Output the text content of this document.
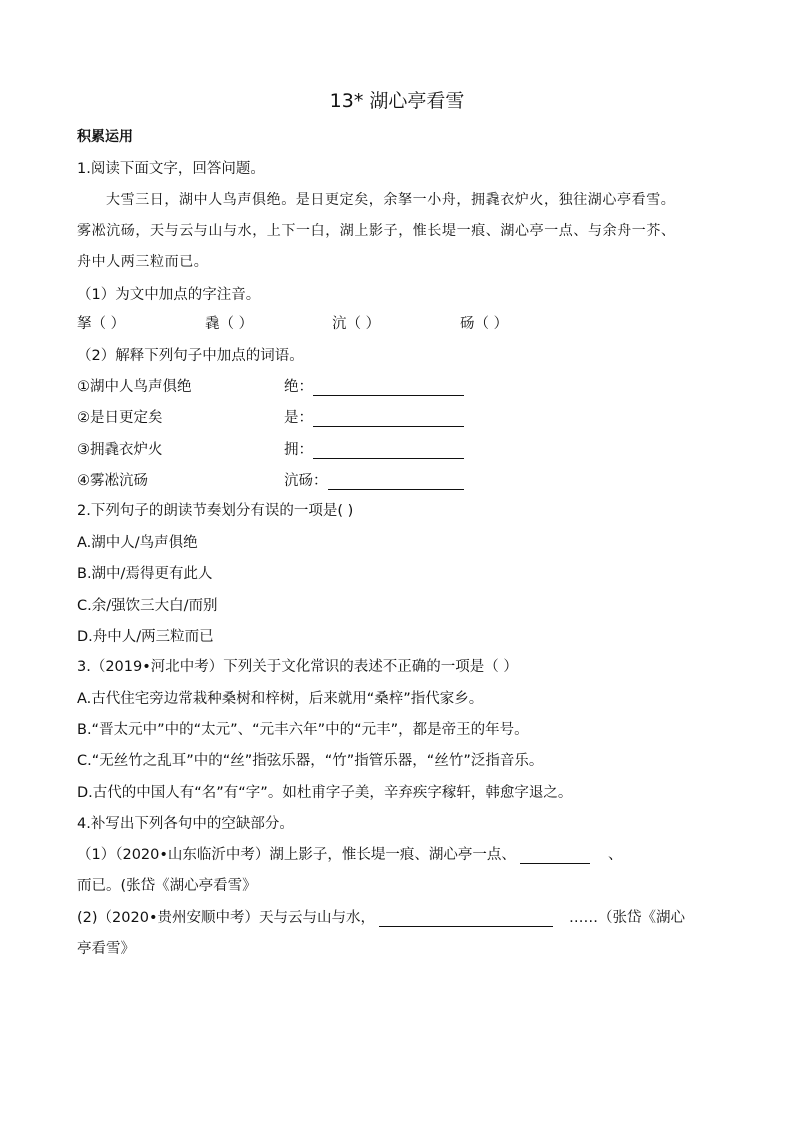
13* 湖心亭看雪
积累运用
1.阅读下面文字，回答问题。
大雪三日，湖中人鸟声俱绝。是日更定矣，余拏一小舟，拥毳衣炉火，独往湖心亭看雪。
雾凇沆砀，天与云与山与水，上下一白，湖上影子，惟长堤一痕、湖心亭一点、与余舟一芥、
舟中人两三粒而已。
（1）为文中加点的字注音。
拏（ ）	毳（ ）	沆（ ）	砀（ ）
（2）解释下列句子中加点的词语。
①湖中人鸟声俱绝	绝：
②是日更定矣	是：
③拥毳衣炉火	拥：
④雾凇沆砀	沆砀：
2.下列句子的朗读节奏划分有误的一项是( )
A.湖中人/鸟声俱绝
B.湖中/焉得更有此人
C.余/强饮三大白/而别
D.舟中人/两三粒而已
3.（2019•河北中考）下列关于文化常识的表述不正确的一项是（ ）
A.古代住宅旁边常栽种桑树和梓树，后来就用“桑梓”指代家乡。
B.“晋太元中”中的“太元”、“元丰六年”中的“元丰”，都是帝王的年号。
C.“无丝竹之乱耳”中的“丝”指弦乐器，“竹”指管乐器，“丝竹”泛指音乐。
D.古代的中国人有“名”有“字”。如杜甫字子美，辛弃疾字稼轩，韩愈字退之。
4.补写出下列各句中的空缺部分。
（1）（2020•山东临沂中考）湖上影子，惟长堤一痕、湖心亭一点、	、
而已。(张岱《湖心亭看雪》
(2)（2020•贵州安顺中考）天与云与山与水，	……（张岱《湖心
亭看雪》
